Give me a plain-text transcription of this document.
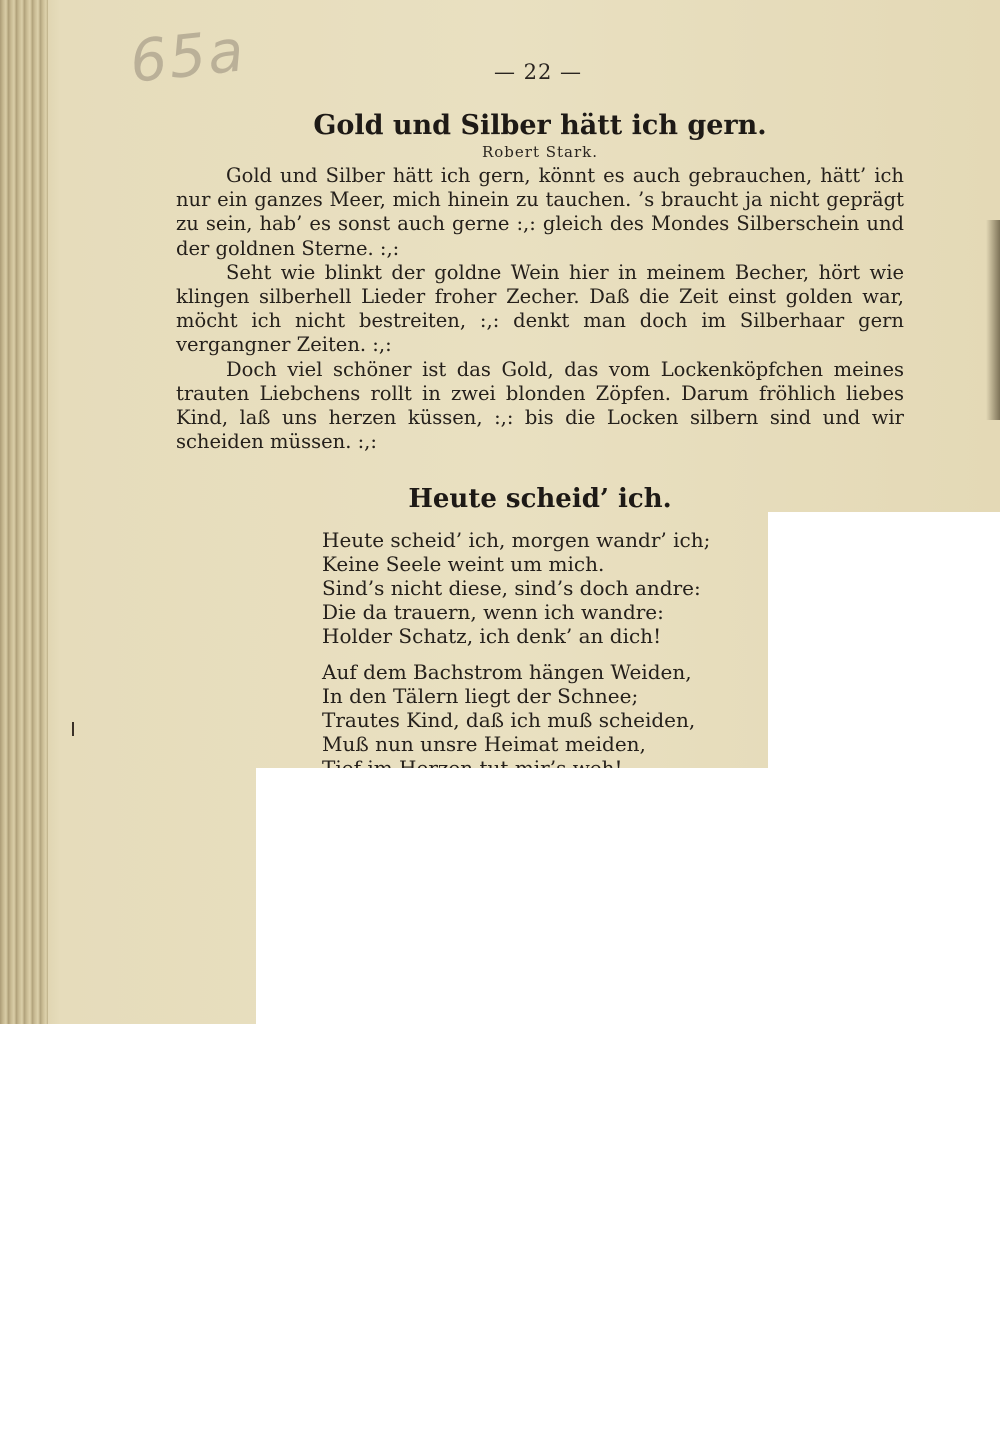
65a	— 22 —
Gold und Silber hätt ich gern.
Robert Stark.

Gold und Silber hätt ich gern, könnt es auch gebrauchen, hätt’ ich nur ein ganzes Meer, mich hinein zu tauchen. ’s braucht ja nicht geprägt zu sein, hab’ es sonst auch gerne :,: gleich des Mondes Silberschein und der goldnen Sterne. :,:

Seht wie blinkt der goldne Wein hier in meinem Becher, hört wie klingen silberhell Lieder froher Zecher. Daß die Zeit einst golden war, möcht ich nicht bestreiten, :,: denkt man doch im Silberhaar gern vergangner Zeiten. :,:

Doch viel schöner ist das Gold, das vom Lockenköpfchen meines trauten Liebchens rollt in zwei blonden Zöpfen. Darum fröhlich liebes Kind, laß uns herzen küssen, :,: bis die Locken silbern sind und wir scheiden müssen. :,:

Heute scheid’ ich.
Heute scheid’ ich, morgen wandr’ ich;
Keine Seele weint um mich.
Sind’s nicht diese, sind’s doch andre:
Die da trauern, wenn ich wandre:
Holder Schatz, ich denk’ an dich!
Auf dem Bachstrom hängen Weiden,
In den Tälern liegt der Schnee;
Trautes Kind, daß ich muß scheiden,
Muß nun unsre Heimat meiden,
